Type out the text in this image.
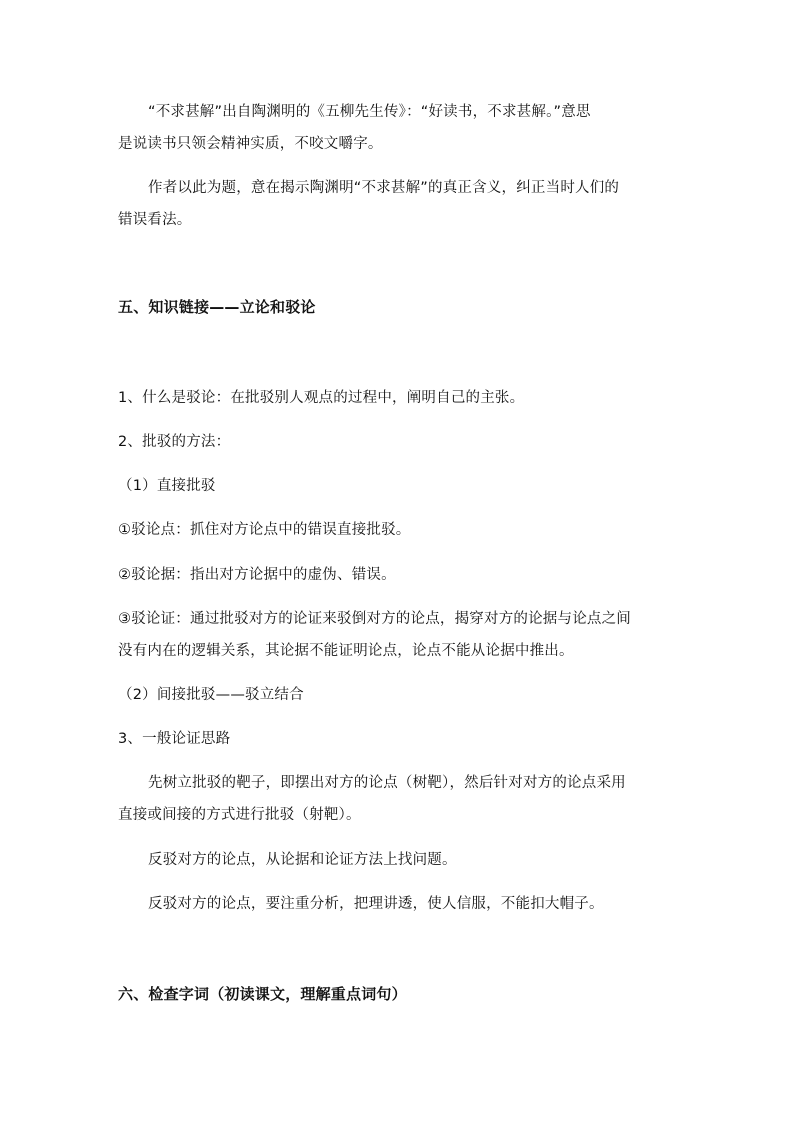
“不求甚解”出自陶渊明的《五柳先生传》：“好读书，不求甚解。”意思
是说读书只领会精神实质，不咬文嚼字。
作者以此为题，意在揭示陶渊明“不求甚解”的真正含义，纠正当时人们的
错误看法。
五、知识链接——立论和驳论
1、什么是驳论：在批驳别人观点的过程中，阐明自己的主张。
2、批驳的方法：
（1）直接批驳
①驳论点：抓住对方论点中的错误直接批驳。
②驳论据：指出对方论据中的虚伪、错误。
③驳论证：通过批驳对方的论证来驳倒对方的论点，揭穿对方的论据与论点之间
没有内在的逻辑关系，其论据不能证明论点，论点不能从论据中推出。
（2）间接批驳——驳立结合
3、一般论证思路
先树立批驳的靶子，即摆出对方的论点（树靶），然后针对对方的论点采用
直接或间接的方式进行批驳（射靶）。
反驳对方的论点，从论据和论证方法上找问题。
反驳对方的论点，要注重分析，把理讲透，使人信服，不能扣大帽子。
六、检查字词（初读课文，理解重点词句）
